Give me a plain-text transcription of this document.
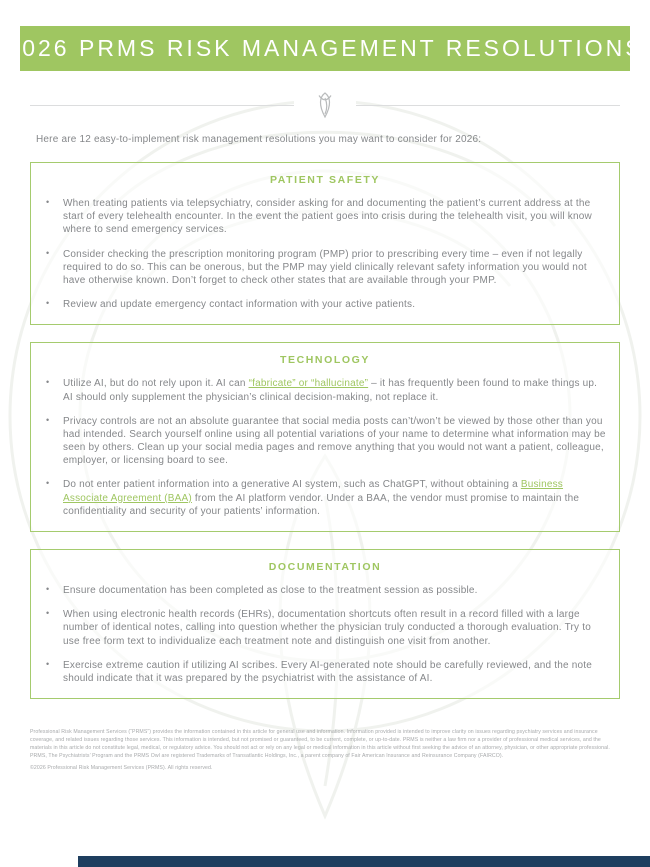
2026 PRMS RISK MANAGEMENT RESOLUTIONS

Here are 12 easy-to-implement risk management resolutions you may want to consider for 2026:

PATIENT SAFETY
• When treating patients via telepsychiatry, consider asking for and documenting the patient’s current address at the start of every telehealth encounter. In the event the patient goes into crisis during the telehealth visit, you will know where to send emergency services.
• Consider checking the prescription monitoring program (PMP) prior to prescribing every time – even if not legally required to do so. This can be onerous, but the PMP may yield clinically relevant safety information you would not have otherwise known. Don’t forget to check other states that are available through your PMP.
• Review and update emergency contact information with your active patients.
TECHNOLOGY
• Utilize AI, but do not rely upon it. AI can “fabricate” or “hallucinate” – it has frequently been found to make things up. AI should only supplement the physician’s clinical decision-making, not replace it.
• Privacy controls are not an absolute guarantee that social media posts can’t/won’t be viewed by those other than you had intended. Search yourself online using all potential variations of your name to determine what information may be seen by others. Clean up your social media pages and remove anything that you would not want a patient, colleague, employer, or licensing board to see.
• Do not enter patient information into a generative AI system, such as ChatGPT, without obtaining a Business Associate Agreement (BAA) from the AI platform vendor. Under a BAA, the vendor must promise to maintain the confidentiality and security of your patients’ information.
DOCUMENTATION
• Ensure documentation has been completed as close to the treatment session as possible.
• When using electronic health records (EHRs), documentation shortcuts often result in a record filled with a large number of identical notes, calling into question whether the physician truly conducted a thorough evaluation. Try to use free form text to individualize each treatment note and distinguish one visit from another.
• Exercise extreme caution if utilizing AI scribes. Every AI-generated note should be carefully reviewed, and the note should indicate that it was prepared by the psychiatrist with the assistance of AI.

Professional Risk Management Services (“PRMS”) provides the information contained in this article for general use and information. Information provided is intended to improve clarity on issues regarding psychiatry services and insurance coverage, and related issues regarding those services. This information is intended, but not promised or guaranteed, to be current, complete, or up-to-date. PRMS is neither a law firm nor a provider of professional medical services, and the materials in this article do not constitute legal, medical, or regulatory advice. You should not act or rely on any legal or medical information in this article without first seeking the advice of an attorney, physician, or other appropriate professional. PRMS, The Psychiatrists’ Program and the PRMS Owl are registered Trademarks of Transatlantic Holdings, Inc., a parent company of Fair American Insurance and Reinsurance Company (FAIRCO).

©2026 Professional Risk Management Services (PRMS). All rights reserved.
